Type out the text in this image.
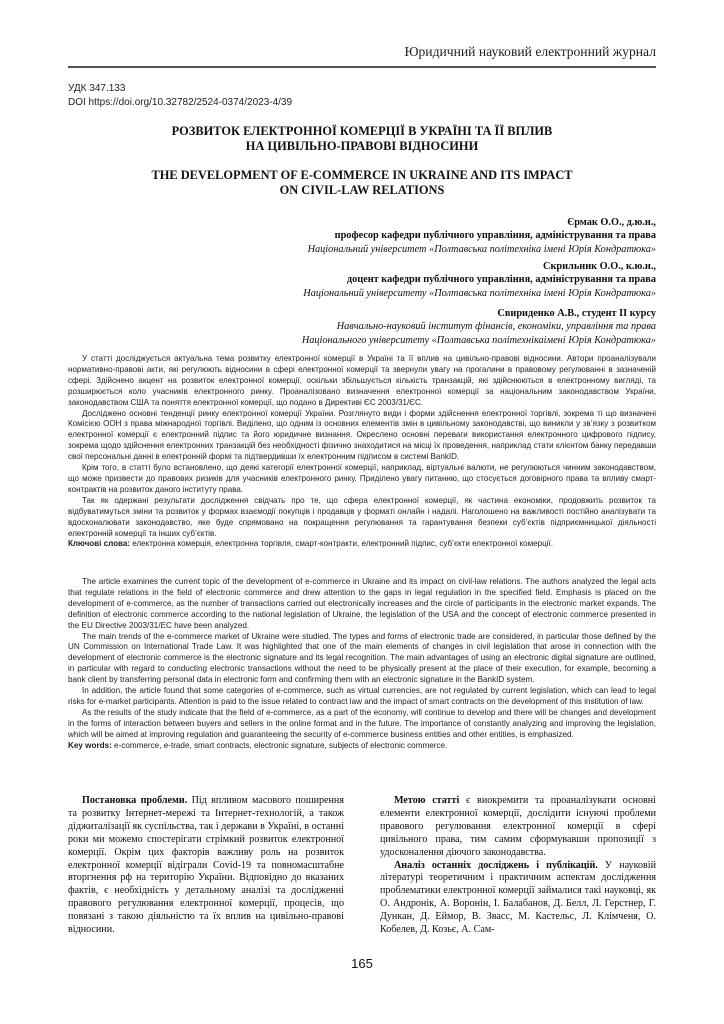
Юридичний науковий електронний журнал
УДК 347.133
DOI https://doi.org/10.32782/2524-0374/2023-4/39
РОЗВИТОК ЕЛЕКТРОННОЇ КОМЕРЦІЇ В УКРАЇНІ ТА ЇЇ ВПЛИВ
НА ЦИВІЛЬНО-ПРАВОВІ ВІДНОСИНИ
THE DEVELOPMENT OF E-COMMERCE IN UKRAINE AND ITS IMPACT
ON CIVIL-LAW RELATIONS
Єрмак О.О., д.ю.н.,
професор кафедри публічного управління, адміністрування та права
Національний університет «Полтавська політехніка імені Юрія Кондратюка»
Скрильник О.О., к.ю.н.,
доцент кафедри публічного управління, адміністрування та права
Національний університету «Полтавська політехніка імені Юрія Кондратюка»
Свириденко А.В., студент ІІ курсу
Навчально-науковий інститут фінансів, економіки, управління та права
Національного університету «Полтавська політехнікаімені Юрія Кондратюка»

У статті досліджується актуальна тема розвитку електронної комерції в Україні та її вплив на цивільно-правові відносини. Автори проаналізували нормативно-правові акти, які регулюють відносини в сфері електронної комерції та звернули увагу на прогалини в правовому регулюванні в зазначеній сфері. Здійснено акцент на розвиток електронної комерції, оскільки збільшується кількість транзакцій, які здійснюються в електронному вигляді, та розширюється коло учасників електронного ринку. Проаналізовано визначення електронної комерції за національним законодавством України, законодавством США та поняття електронної комерції, що подано в Директиві ЄС 2003/31/ЄС.

Досліджено основні тенденції ринку електронної комерції України. Розглянуто види і форми здійснення електронної торгівлі, зокрема ті що визначені Комісією ООН з права міжнародної торгівлі. Виділено, що одним із основних елементів змін в цивільному законодавстві, що виникли у зв’язку з розвитком електронної комерції є електронний підпис та його юридичне визнання. Окреслено основні переваги використання електронного цифрового підпису, зокрема щодо здійснення електронних транзакцій без необхідності фізично знаходитися на місці їх проведення, наприклад стати клієнтом банку передавши свої персональні данні в електронній формі та підтвердивши їх електронним підписом в системі BankID.

Крім того, в статті було встановлено, що деякі категорії електронної комерції, наприклад, віртуальні валюти, не регулюються чинним законодавством, що може призвести до правових ризиків для учасників електронного ринку. Приділено увагу питанню, що стосується договірного права та впливу смарт-контрактів на розвиток даного інституту права.

Так як одержані результати дослідження свідчать про те, що сфера електронної комерції, як частина економіки, продовжить розвиток та відбуватимуться зміни та розвиток у формах взаємодії покупців і продавців у форматі онлайн і надалі. Наголошено на важливості постійно аналізувати та вдосконалювати законодавство, яке буде спрямовано на покращення регулювання та гарантування безпеки суб’єктів підприємницької діяльності електронній комерції та інших суб’єктів.

Ключові слова: електронна комерція, електронна торгівля, смарт-контракти, електронний підпис, суб’єкти електронної комерції.

The article examines the current topic of the development of e-commerce in Ukraine and its impact on civil-law relations. The authors analyzed the legal acts that regulate relations in the field of electronic commerce and drew attention to the gaps in legal regulation in the specified field. Emphasis is placed on the development of e-commerce, as the number of transactions carried out electronically increases and the circle of participants in the electronic market expands. The definition of electronic commerce according to the national legislation of Ukraine, the legislation of the USA and the concept of electronic commerce presented in the EU Directive 2003/31/EC have been analyzed.

The main trends of the e-commerce market of Ukraine were studied. The types and forms of electronic trade are considered, in particular those defined by the UN Commission on International Trade Law. It was highlighted that one of the main elements of changes in civil legislation that arose in connection with the development of electronic commerce is the electronic signature and its legal recognition. The main advantages of using an electronic digital signature are outlined, in particular with regard to conducting electronic transactions without the need to be physically present at the place of their execution, for example, becoming a bank client by transferring personal data in electronic form and confirming them with an electronic signature in the BankID system.

In addition, the article found that some categories of e-commerce, such as virtual currencies, are not regulated by current legislation, which can lead to legal risks for e-market participants. Attention is paid to the issue related to contract law and the impact of smart contracts on the development of this institution of law.

As the results of the study indicate that the field of e-commerce, as a part of the economy, will continue to develop and there will be changes and development in the forms of interaction between buyers and sellers in the online format and in the future. The importance of constantly analyzing and improving the legislation, which will be aimed at improving regulation and guaranteeing the security of e-commerce business entities and other entities, is emphasized.

Key words: e-commerce, e-trade, smart contracts, electronic signature, subjects of electronic commerce.

Постановка проблеми. Під впливом масового поширення та розвитку Інтернет-мережі та Інтернет-технологій, а також діджиталізації як суспільства, так і держави в Україні, в останні роки ми можемо спостерігати стрімкий розвиток електронної комерції. Окрім цих факторів важливу роль на розвиток електронної комерції відіграли Covid-19 та повномасштабне вторгнення рф на територію України. Відповідно до вказаних фактів, є необхідність у детальному аналізі та дослідженні правового регулювання електронної комерції, процесів, що повязані з такою діяльністю та їх вплив на цивільно-правові відносини.

Метою статті є виокремити та проаналізувати основні елементи електронної комерції, дослідити існуючі проблеми правового регулювання електронної комерції в сфері цивільного права, тим самим сформувавши пропозиції з удосконалення діючого законодавства.

Аналіз останніх досліджень і публікацій. У науковій літературі теоретичним і практичним аспектам дослідження проблематики електронної комерції займалися такі науковці, як О. Андронік, А. Воронін, І. Балабанов, Д. Белл, Л. Герстнер, Г. Дункан, Д. Еймор, В. Звасс, М. Кастельс, Л. Клімченя, О. Кобелев, Д. Козьє, А. Сам-

165
